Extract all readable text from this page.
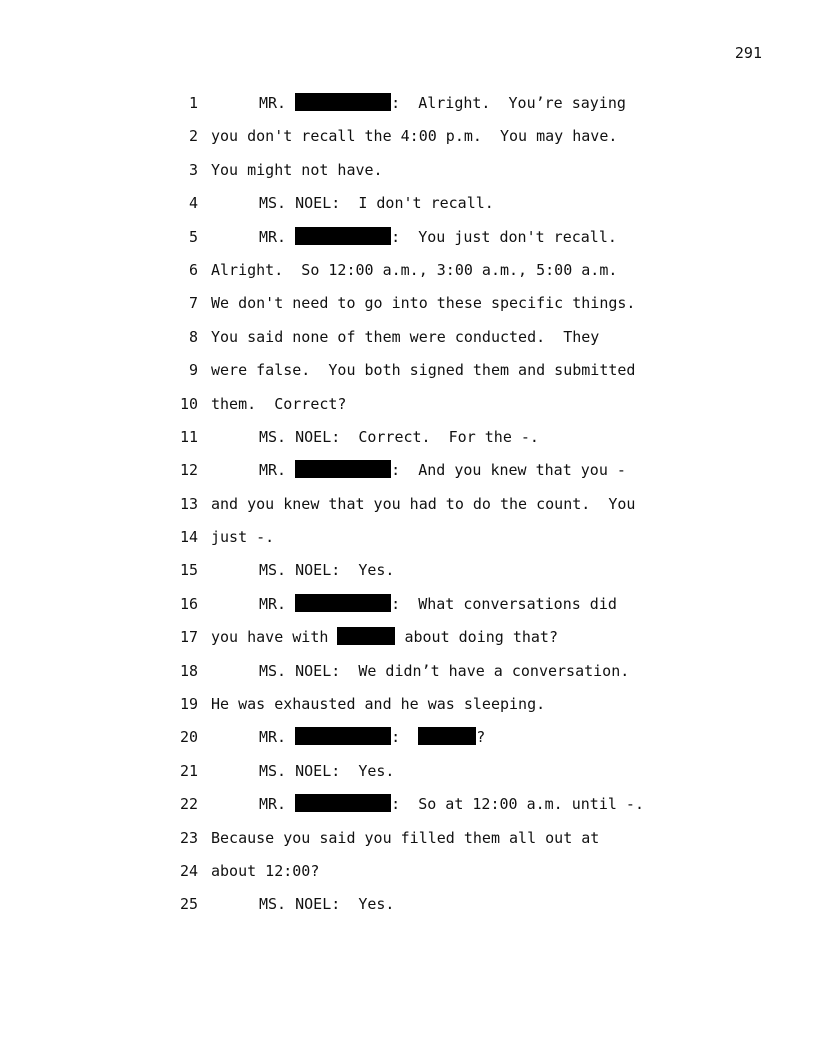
291
1	MR.	:  Alright.  You’re saying
2 you don't recall the 4:00 p.m.  You may have.
3 You might not have.
4	MS. NOEL:  I don't recall.
5	MR.	:  You just don't recall.
6 Alright.  So 12:00 a.m., 3:00 a.m., 5:00 a.m.
7 We don't need to go into these specific things.
8 You said none of them were conducted.  They
9 were false.  You both signed them and submitted
10 them.  Correct?
11	MS. NOEL:  Correct.  For the -.
12	MR.	:  And you knew that you -
13 and you knew that you had to do the count.  You
14 just -.
15	MS. NOEL:  Yes.
16	MR.	:  What conversations did
17 you have with	about doing that?
18	MS. NOEL:  We didn’t have a conversation.
19 He was exhausted and he was sleeping.
20	MR.	:	?
21	MS. NOEL:  Yes.
22	MR.	:  So at 12:00 a.m. until -.
23 Because you said you filled them all out at
24 about 12:00?
25	MS. NOEL:  Yes.
